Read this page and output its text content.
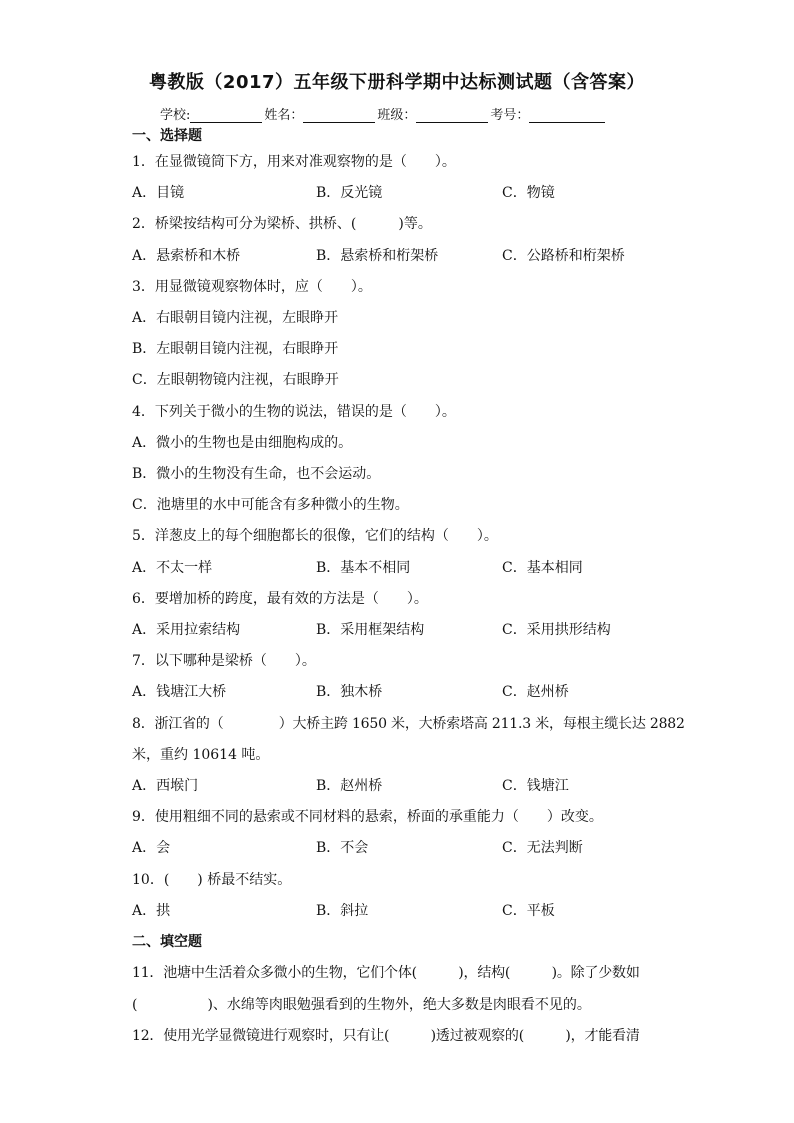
粤教版（2017）五年级下册科学期中达标测试题（含答案）
学校:	姓名：	班级：	考号：
一、选择题
1．在显微镜筒下方，用来对准观察物的是（　　）。
A．目镜	B．反光镜	C．物镜
2．桥梁按结构可分为梁桥、拱桥、(　　　)等。
A．悬索桥和木桥	B．悬索桥和桁架桥	C．公路桥和桁架桥
3．用显微镜观察物体时，应（　　）。
A．右眼朝目镜内注视，左眼睁开
B．左眼朝目镜内注视，右眼睁开
C．左眼朝物镜内注视，右眼睁开
4．下列关于微小的生物的说法，错误的是（　　）。
A．微小的生物也是由细胞构成的。
B．微小的生物没有生命，也不会运动。
C．池塘里的水中可能含有多种微小的生物。
5．洋葱皮上的每个细胞都长的很像，它们的结构（　　）。
A．不太一样	B．基本不相同	C．基本相同
6．要增加桥的跨度，最有效的方法是（　　）。
A．采用拉索结构	B．采用框架结构	C．采用拱形结构
7．以下哪种是梁桥（　　）。
A．钱塘江大桥	B．独木桥	C．赵州桥
8．浙江省的（　　　　）大桥主跨 1650 米，大桥索塔高 211.3 米，每根主缆长达 2882
米，重约 10614 吨。
A．西堠门	B．赵州桥	C．钱塘江
9．使用粗细不同的悬索或不同材料的悬索，桥面的承重能力（　　）改变。
A．会	B．不会	C．无法判断
10．(　　) 桥最不结实。
A．拱	B．斜拉	C．平板
二、填空题
11．池塘中生活着众多微小的生物，它们个体(　　　)，结构(　　　)。除了少数如
(　　　　　)、水绵等肉眼勉强看到的生物外，绝大多数是肉眼看不见的。
12．使用光学显微镜进行观察时，只有让(　　　)透过被观察的(　　　)，才能看清
